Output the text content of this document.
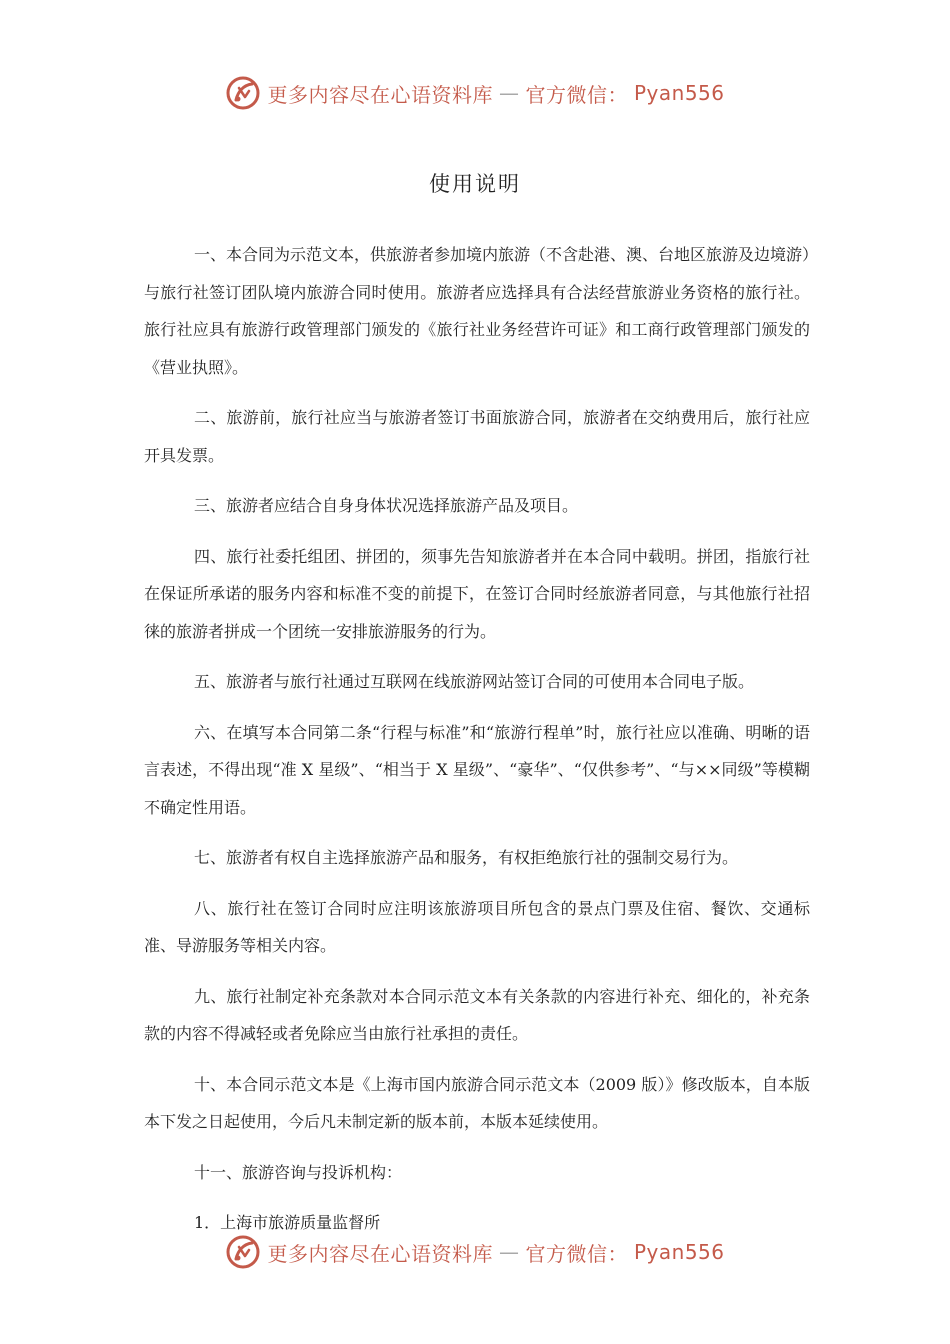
更多内容尽在心语资料库 — 官方微信： Pyan556
使用说明

一、本合同为示范文本，供旅游者参加境内旅游（不含赴港、澳、台地区旅游及边境游）与旅行社签订团队境内旅游合同时使用。旅游者应选择具有合法经营旅游业务资格的旅行社。旅行社应具有旅游行政管理部门颁发的《旅行社业务经营许可证》和工商行政管理部门颁发的《营业执照》。

二、旅游前，旅行社应当与旅游者签订书面旅游合同，旅游者在交纳费用后，旅行社应开具发票。

三、旅游者应结合自身身体状况选择旅游产品及项目。

四、旅行社委托组团、拼团的，须事先告知旅游者并在本合同中载明。拼团，指旅行社在保证所承诺的服务内容和标准不变的前提下，在签订合同时经旅游者同意，与其他旅行社招徕的旅游者拼成一个团统一安排旅游服务的行为。

五、旅游者与旅行社通过互联网在线旅游网站签订合同的可使用本合同电子版。

六、在填写本合同第二条“行程与标准”和“旅游行程单”时，旅行社应以准确、明晰的语言表述，不得出现“准 X 星级”、“相当于 X 星级”、“豪华”、“仅供参考”、“与××同级”等模糊不确定性用语。

七、旅游者有权自主选择旅游产品和服务，有权拒绝旅行社的强制交易行为。

八、旅行社在签订合同时应注明该旅游项目所包含的景点门票及住宿、餐饮、交通标准、导游服务等相关内容。

九、旅行社制定补充条款对本合同示范文本有关条款的内容进行补充、细化的，补充条款的内容不得减轻或者免除应当由旅行社承担的责任。

十、本合同示范文本是《上海市国内旅游合同示范文本（2009 版）》修改版本，自本版本下发之日起使用，今后凡未制定新的版本前，本版本延续使用。

十一、旅游咨询与投诉机构：

1．上海市旅游质量监督所

更多内容尽在心语资料库 — 官方微信： Pyan556
